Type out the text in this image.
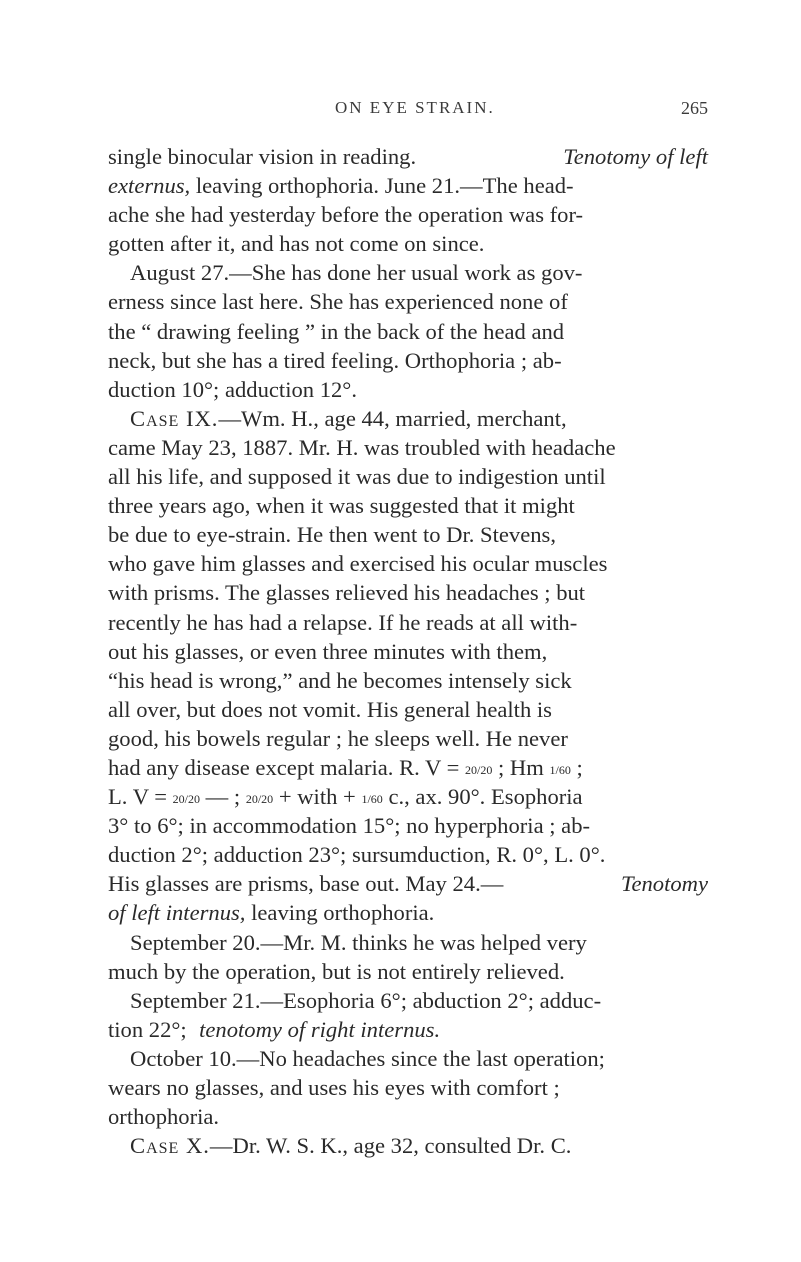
ON EYE STRAIN.	265
single binocular vision in reading.	Tenotomy of left
externus, leaving orthophoria. June 21.—The head-
ache she had yesterday before the operation was for-
gotten after it, and has not come on since.
August 27.—She has done her usual work as gov-
erness since last here. She has experienced none of
the “ drawing feeling ” in the back of the head and
neck, but she has a tired feeling. Orthophoria ; ab-
duction 10°; adduction 12°.
Case IX.—Wm. H., age 44, married, merchant,
came May 23, 1887. Mr. H. was troubled with headache
all his life, and supposed it was due to indigestion until
three years ago, when it was suggested that it might
be due to eye-strain. He then went to Dr. Stevens,
who gave him glasses and exercised his ocular muscles
with prisms. The glasses relieved his headaches ; but
recently he has had a relapse. If he reads at all with-
out his glasses, or even three minutes with them,
“his head is wrong,” and he becomes intensely sick
all over, but does not vomit. His general health is
good, his bowels regular ; he sleeps well. He never
had any disease except malaria. R. V = 20/20 ; Hm 1/60 ;
L. V = 20/20 — ; 20/20 + with + 1/60 c., ax. 90°. Esophoria
3° to 6°; in accommodation 15°; no hyperphoria ; ab-
duction 2°; adduction 23°; sursumduction, R. 0°, L. 0°.
His glasses are prisms, base out. May 24.—	Tenotomy
of left internus, leaving orthophoria.
September 20.—Mr. M. thinks he was helped very
much by the operation, but is not entirely relieved.
September 21.—Esophoria 6°; abduction 2°; adduc-
tion 22°; tenotomy of right internus.
October 10.—No headaches since the last operation;
wears no glasses, and uses his eyes with comfort ;
orthophoria.
Case X.—Dr. W. S. K., age 32, consulted Dr. C.
